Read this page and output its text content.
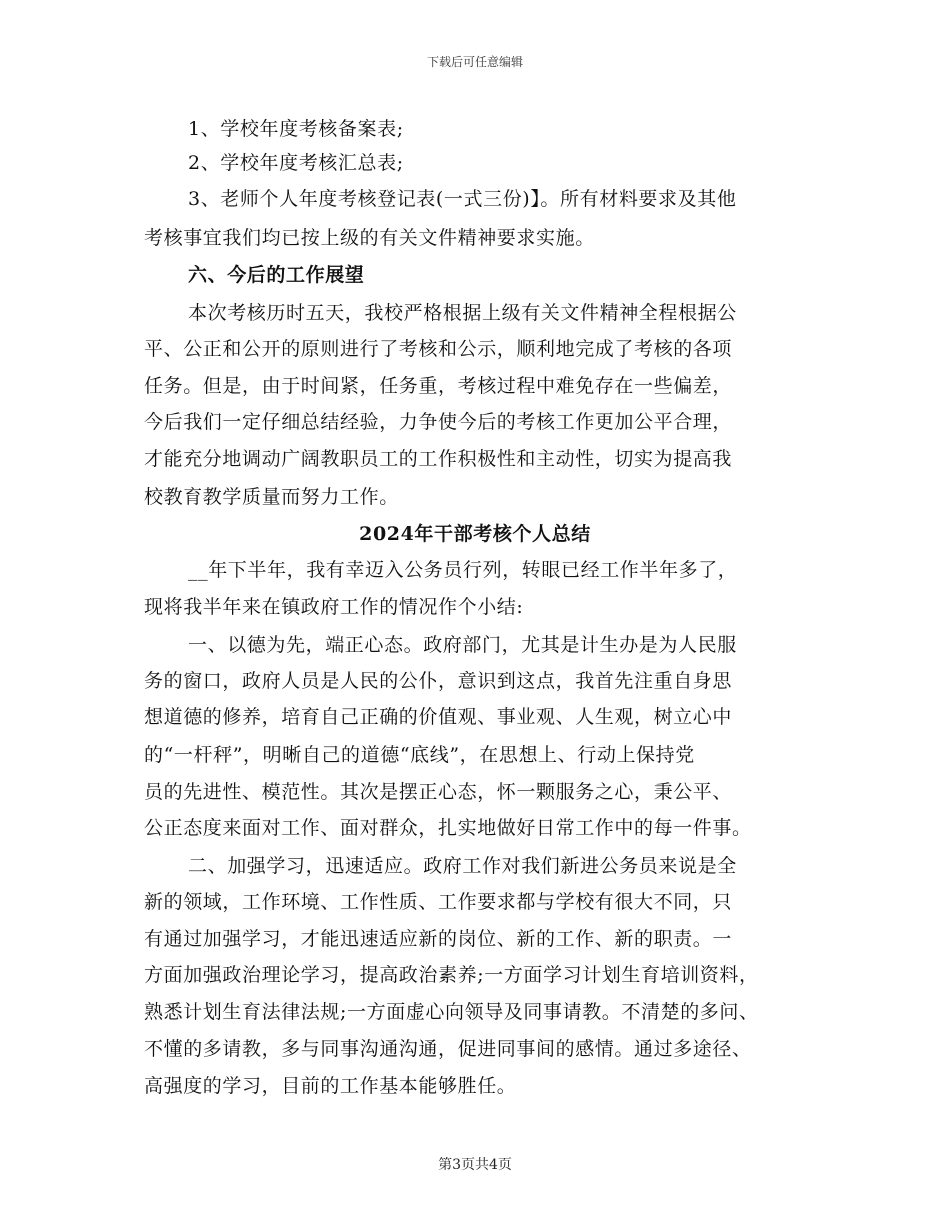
下载后可任意编辑
1、学校年度考核备案表;
2、学校年度考核汇总表;
3、老师个人年度考核登记表(一式三份)】。所有材料要求及其他
考核事宜我们均已按上级的有关文件精神要求实施。
六、今后的工作展望
本次考核历时五天，我校严格根据上级有关文件精神全程根据公
平、公正和公开的原则进行了考核和公示，顺利地完成了考核的各项
任务。但是，由于时间紧，任务重，考核过程中难免存在一些偏差，
今后我们一定仔细总结经验，力争使今后的考核工作更加公平合理，
才能充分地调动广阔教职员工的工作积极性和主动性，切实为提高我
校教育教学质量而努力工作。
2024年干部考核个人总结
__年下半年，我有幸迈入公务员行列，转眼已经工作半年多了，
现将我半年来在镇政府工作的情况作个小结:
一、以德为先，端正心态。政府部门，尤其是计生办是为人民服
务的窗口，政府人员是人民的公仆，意识到这点，我首先注重自身思
想道德的修养，培育自己正确的价值观、事业观、人生观，树立心中
的“一杆秤”，明晰自己的道德“底线”，在思想上、行动上保持党
员的先进性、模范性。其次是摆正心态，怀一颗服务之心，秉公平、
公正态度来面对工作、面对群众，扎实地做好日常工作中的每一件事。
二、加强学习，迅速适应。政府工作对我们新进公务员来说是全
新的领域，工作环境、工作性质、工作要求都与学校有很大不同，只
有通过加强学习，才能迅速适应新的岗位、新的工作、新的职责。一
方面加强政治理论学习，提高政治素养;一方面学习计划生育培训资料，
熟悉计划生育法律法规;一方面虚心向领导及同事请教。不清楚的多问、
不懂的多请教，多与同事沟通沟通，促进同事间的感情。通过多途径、
高强度的学习，目前的工作基本能够胜任。
第3页共4页
